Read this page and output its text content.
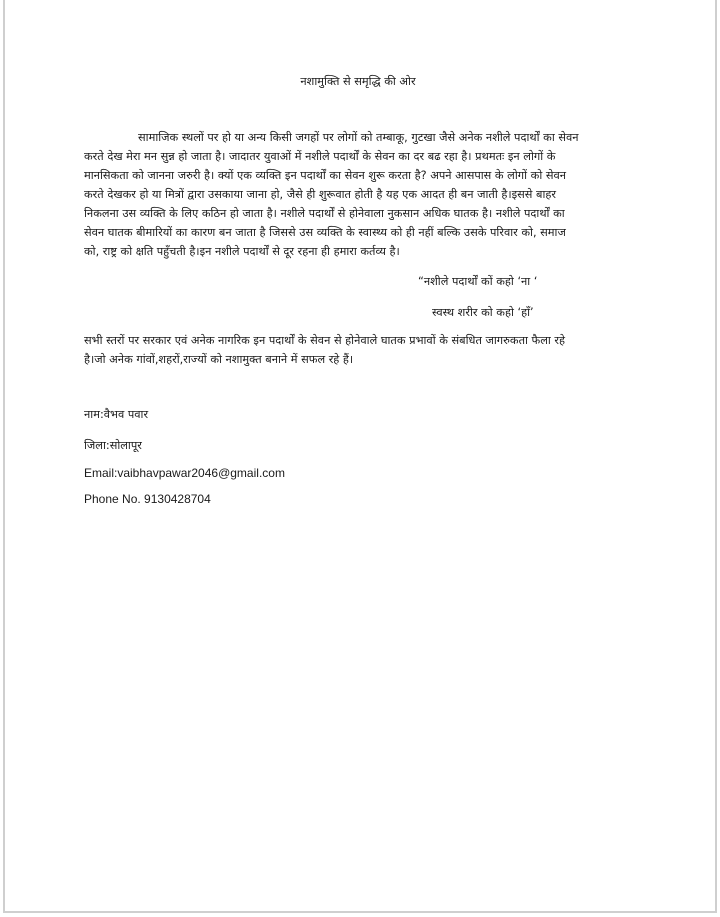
नशामुक्ति से समृद्धि की ओर
सामाजिक स्थलों पर हो या अन्य किसी जगहों पर लोगों को तम्बाकू, गुटखा जैसे अनेक नशीले पदार्थों का सेवन
करते देख मेरा मन सुन्न हो जाता है। जादातर युवाओं में नशीले पदार्थों के सेवन का दर बढ रहा है। प्रथमतः इन लोगों के
मानसिकता को जानना जरुरी है। क्यों एक व्यक्ति इन पदार्थों का सेवन शुरू करता है? अपने आसपास के लोगों को सेवन
करते देखकर हो या मित्रों द्वारा उसकाया जाना हो, जैसे ही शुरूवात होती है यह एक आदत ही बन जाती है।इससे बाहर
निकलना उस व्यक्ति के लिए कठिन हो जाता है। नशीले पदार्थों से होनेवाला नुकसान अधिक घातक है। नशीले पदार्थों का
सेवन घातक बीमारियों का कारण बन जाता है जिससे उस व्यक्ति के स्वास्थ्य को ही नहीं बल्कि उसके परिवार को, समाज
को, राष्ट्र को क्षति पहुँचती है।इन नशीले पदार्थों से दूर रहना ही हमारा कर्तव्य है।
“नशीले पदार्थों कों कहो ‘ना ‘
स्वस्थ शरीर को कहो ‘हाँ’
सभी स्तरों पर सरकार एवं अनेक नागरिक इन पदार्थों के सेवन से होनेवाले घातक प्रभावों के संबधित जागरुकता फैला रहे
है।जो अनेक गांवों,शहरों,राज्यों को नशामुक्त बनाने में सफल रहे हैं।
नाम:वैभव पवार
जिला:सोलापूर
Email:vaibhavpawar2046@gmail.com
Phone No. 9130428704
